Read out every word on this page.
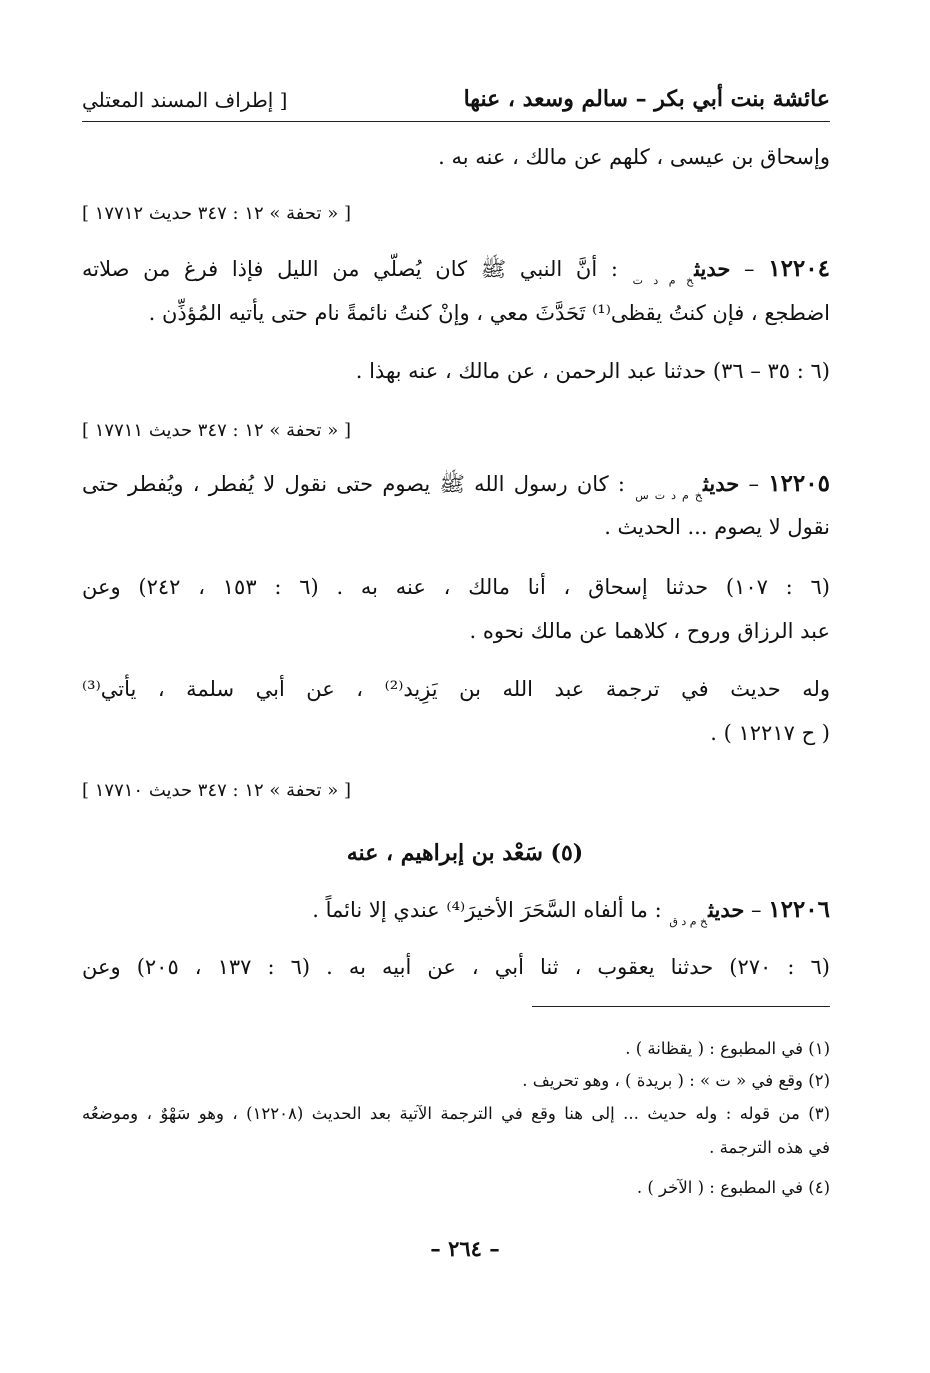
عائشة بنت أبي بكر – سالم وسعد ، عنها
[ إطراف المسند المعتلي
وإسحاق بن عيسى ، كلهم عن مالك ، عنه به .
[ « تحفة » ١٢ : ٣٤٧ حديث ١٧٧١٢ ]
١٢٢٠٤ – حديث$_{خ م د ت}$ : أنَّ النبي ﷺ كان يُصلّي من الليل فإذا فرغ من صلاته
اضطجع ، فإن كنتُ يقظى⁽¹⁾ تَحَدَّثَ معي ، وإنْ كنتُ نائمةً نام حتى يأتيه المُؤذِّن .
(٦ : ٣٥ – ٣٦) حدثنا عبد الرحمن ، عن مالك ، عنه بهذا .
[ « تحفة » ١٢ : ٣٤٧ حديث ١٧٧١١ ]
١٢٢٠٥ – حديث$_{خ م د ت س}$ : كان رسول الله ﷺ يصوم حتى نقول لا يُفطر ، ويُفطر حتى
نقول لا يصوم ... الحديث .
(٦ : ١٠٧) حدثنا إسحاق ، أنا مالك ، عنه به . (٦ : ١٥٣ ، ٢٤٢) وعن
عبد الرزاق وروح ، كلاهما عن مالك نحوه .
وله حديث في ترجمة عبد الله بن يَزِيد⁽²⁾ ، عن أبي سلمة ، يأتي⁽³⁾
( ح ١٢٢١٧ ) .
[ « تحفة » ١٢ : ٣٤٧ حديث ١٧٧١٠ ]
(٥) سَعْد بن إبراهيم ، عنه
١٢٢٠٦ – حديث$_{خ م د ق}$ : ما ألفاه السَّحَرَ الأخيرَ⁽⁴⁾ عندي إلا نائماً .
(٦ : ٢٧٠) حدثنا يعقوب ، ثنا أبي ، عن أبيه به . (٦ : ١٣٧ ، ٢٠٥) وعن
(١) في المطبوع : ( يقظانة ) .
(٢) وقع في « ت » : ( بريدة ) ، وهو تحريف .
(٣) من قوله : وله حديث ... إلى هنا وقع في الترجمة الآتية بعد الحديث (١٢٢٠٨) ، وهو سَهْوٌ ، وموضعُه
في هذه الترجمة .
(٤) في المطبوع : ( الآخر ) .
– ٢٦٤ –
